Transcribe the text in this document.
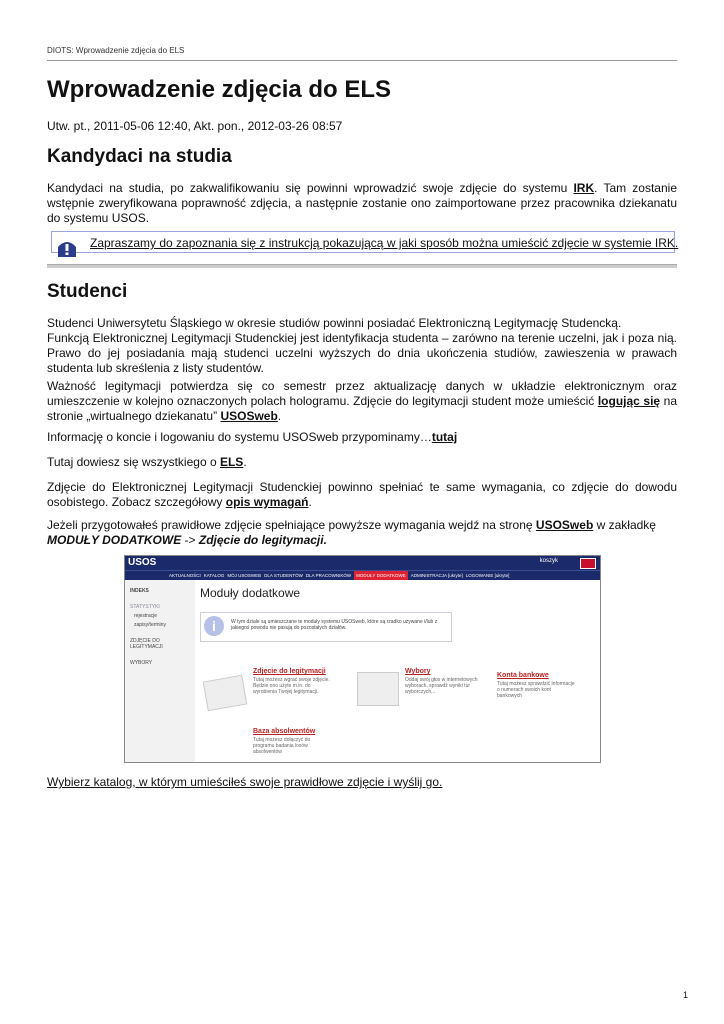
DIOTS: Wprowadzenie zdjęcia do ELS
Wprowadzenie zdjęcia do ELS
Utw. pt., 2011-05-06 12:40, Akt. pon., 2012-03-26 08:57
Kandydaci na studia

Kandydaci na studia, po zakwalifikowaniu się powinni wprowadzić swoje zdjęcie do systemu IRK. Tam zostanie wstępnie zweryfikowana poprawność zdjęcia, a następnie zostanie ono zaimportowane przez pracownika dziekanatu do systemu USOS.

Zapraszamy do zapoznania się z instrukcją pokazującą w jaki sposób można umieścić zdjęcie w systemie IRK.
Studenci

Studenci Uniwersytetu Śląskiego w okresie studiów powinni posiadać Elektroniczną Legitymację Studencką.
Funkcją Elektronicznej Legitymacji Studenckiej jest identyfikacja studenta – zarówno na terenie uczelni, jak i poza nią. Prawo do jej posiadania mają studenci uczelni wyższych do dnia ukończenia studiów, zawieszenia w prawach studenta lub skreślenia z listy studentów.

Ważność legitymacji potwierdza się co semestr przez aktualizację danych w układzie elektronicznym oraz umieszczenie w kolejno oznaczonych polach hologramu. Zdjęcie do legitymacji student może umieścić logując się na stronie „wirtualnego dziekanatu” USOSweb.

Informację o koncie i logowaniu do systemu USOSweb przypominamy…tutaj

Tutaj dowiesz się wszystkiego o ELS.

Zdjęcie do Elektronicznej Legitymacji Studenckiej powinno spełniać te same wymagania, co zdjęcie do dowodu osobistego. Zobacz szczegółowy opis wymagań.

Jeżeli przygotowałeś prawidłowe zdjęcie spełniające powyższe wymagania wejdź na stronę USOSweb w zakładkę
MODUŁY DODATKOWE -> Zdjęcie do legitymacji.

USOS	koszyk
AKTUALNOŚCI KATALOG MÓJ USOSWEB DLA STUDENTÓW DLA PRACOWNIKÓW	MODUŁY DODATKOWE	ADMINISTRACJA [ukryte] LOGOWANIE [ukryte]
INDEKS
STATYSTYKI
rejestracje
zapisy/terminy
ZDJĘCIE DO LEGITYMACJI
WYBORY
Moduły dodatkowe
i	W tym dziale są umieszczane te moduły systemu USOSweb, które są rzadko używane i/lub z jakiegoś powodu nie pasują do pozostałych działów.
Zdjęcie do legitymacji
Tutaj możesz wgrać swoje zdjęcie. Będzie ono użyte m.in. do wyrobienia Twojej legitymacji.
Wybory
Oddaj swój głos w internetowych wyborach, sprawdź wyniki tur wyborczych...
Konta bankowe
Tutaj możesz sprawdzić informacje o numerach swoich kont bankowych
Baza absolwentów
Tutaj możesz dołączyć do programu badania losów absolwentów

Wybierz katalog, w którym umieściłeś swoje prawidłowe zdjęcie i wyślij go.

1
